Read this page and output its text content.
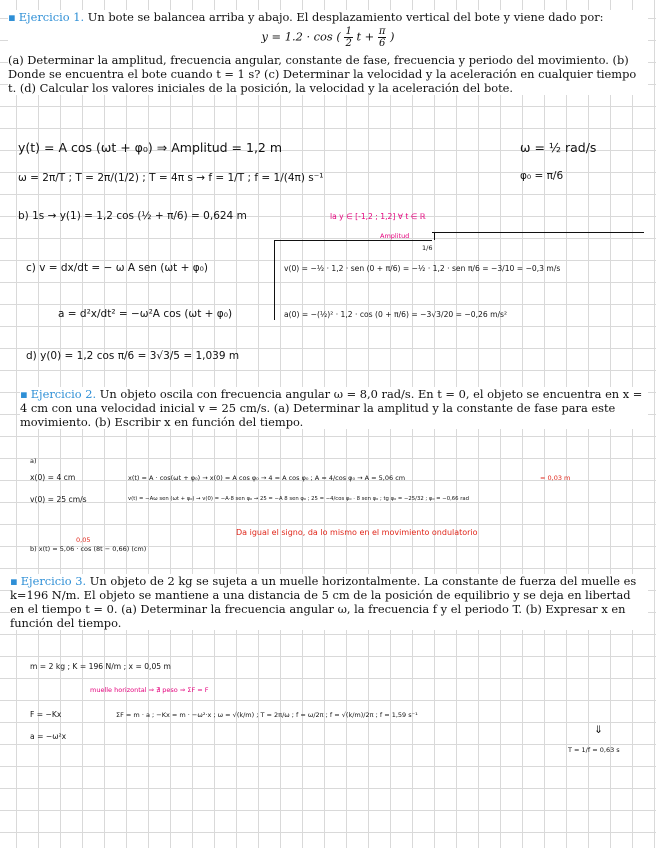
▪ Ejercicio 1. Un bote se balancea arriba y abajo. El desplazamiento vertical del bote y viene dado por:
y = 1.2 · cos ( $\frac{1}{2}$ $t + \frac{\pi}{6}$ )
(a) Determinar la amplitud, frecuencia angular, constante de fase, frecuencia y periodo del movimiento. (b) Donde se encuentra el bote cuando t = 1 s? (c) Determinar la velocidad y la aceleración en cualquier tiempo t. (d) Calcular los valores iniciales de la posición, la velocidad y la aceleración del bote.
y(t) = A cos (ωt + φ₀) ⇒ Amplitud = 1,2 m	ω = ½ rad/s
ω = 2π/T ; T = 2π/(1/2) ; T = 4π s → f = 1/T ; f = 1/(4π) s⁻¹	φ₀ = π/6
b) 1s → y(1) = 1,2 cos (½ + π/6) = 0,624 m	la y ∈ [-1,2 ; 1,2] ∀ t ∈ ℝ
Amplitud
1/6
c) v = dx/dt = − ω A sen (ωt + φ₀)	v(0) = −½ · 1,2 · sen (0 + π/6) = −½ · 1,2 · sen π/6 = −3/10 = −0,3 m/s
a = d²x/dt² = −ω²A cos (ωt + φ₀)	a(0) = −(½)² · 1,2 · cos (0 + π/6) = −3√3/20 = −0,26 m/s²
d) y(0) = 1,2 cos π/6 = 3√3/5 = 1,039 m
▪ Ejercicio 2. Un objeto oscila con frecuencia angular ω = 8,0 rad/s. En t = 0, el objeto se encuentra en x = 4 cm con una velocidad inicial v = 25 cm/s. (a) Determinar la amplitud y la constante de fase para este movimiento. (b) Escribir x en función del tiempo.
a)
x(0) = 4 cm	x(t) = A · cos(ωt + φ₀) → x(0) = A cos φ₀ → 4 = A cos φ₀ ; A = 4/cos φ₀ → A = 5,06 cm	= 0,03 m
v(0) = 25 cm/s	v(t) = −Aω sen (ωt + φ₀) → v(0) = −A·8 sen φ₀ → 25 = −A 8 sen φ₀ ; 25 = −4/cos φ₀ · 8 sen φ₀ ; tg φ₀ = −25/32 ; φ₀ = −0,66 rad
Da igual el signo, da lo mismo en el movimiento ondulatorio
0,05
b) x(t) = 5,06 · cos (8t − 0,66) (cm)
▪ Ejercicio 3. Un objeto de 2 kg se sujeta a un muelle horizontalmente. La constante de fuerza del muelle es k=196 N/m. El objeto se mantiene a una distancia de 5 cm de la posición de equilibrio y se deja en libertad en el tiempo t = 0. (a) Determinar la frecuencia angular ω, la frecuencia f y el periodo T. (b) Expresar x en función del tiempo.
m = 2 kg ; K = 196 N/m ; x = 0,05 m
muelle horizontal ⇒ ∄ peso ⇒ ΣF = F
F = −Kx	ΣF = m · a ; −Kx = m · −ω²·x ; ω = √(k/m) ; T = 2π/ω ; f = ω/2π ; f = √(k/m)/2π ; f = 1,59 s⁻¹
a = −ω²x
⇓
T = 1/f = 0,63 s
